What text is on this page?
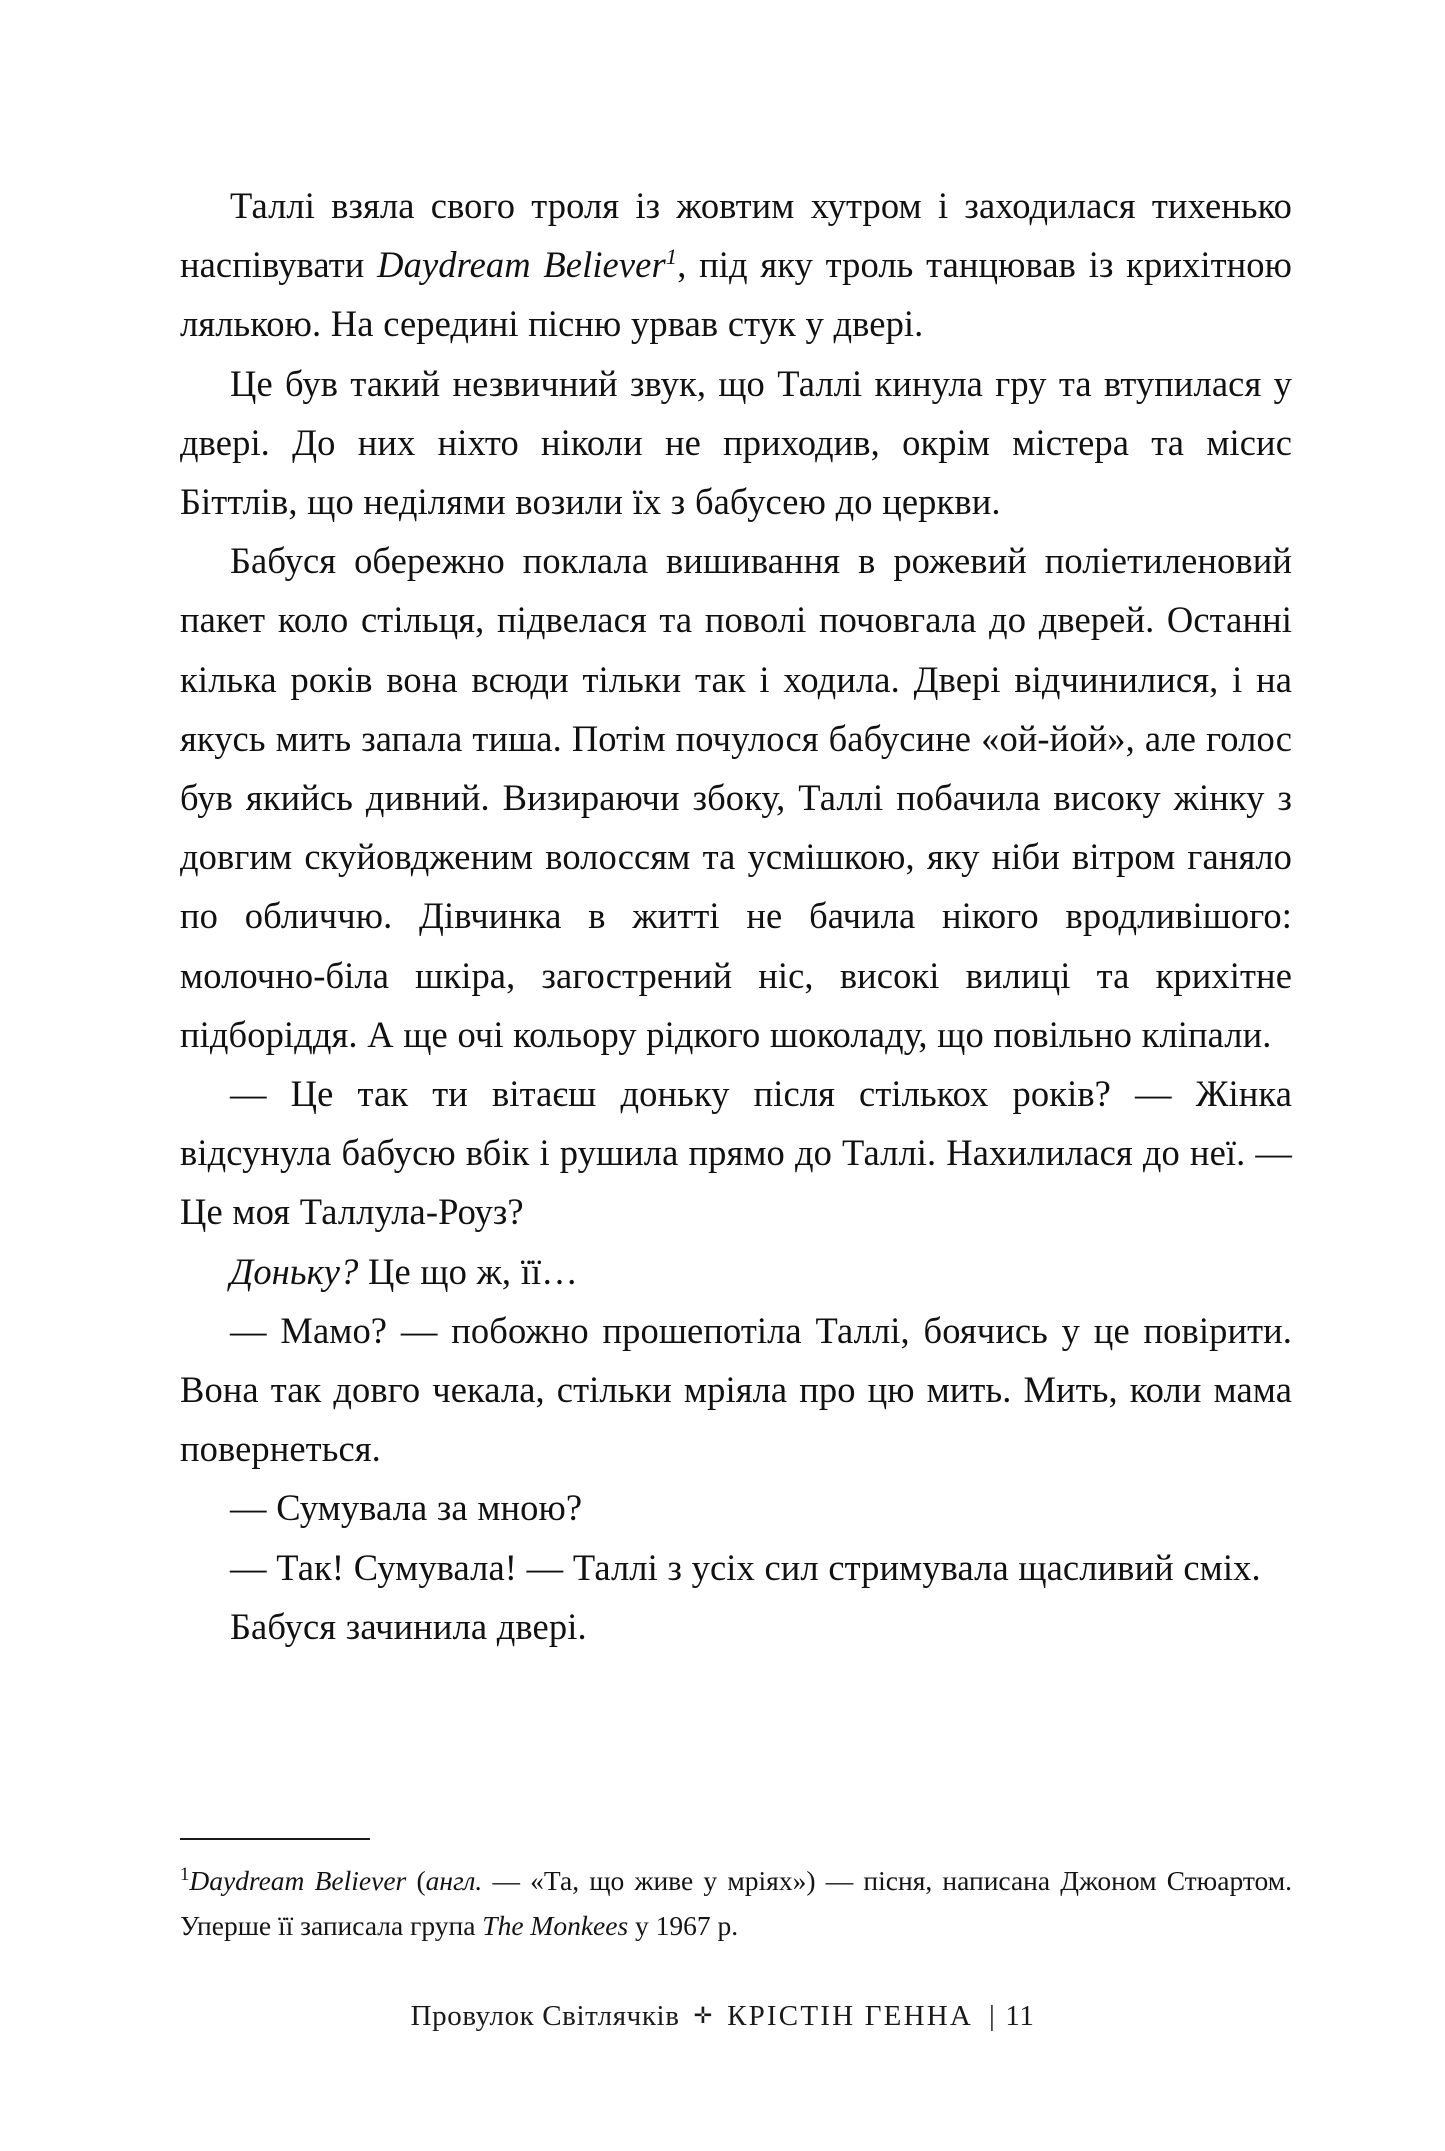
Таллі взяла свого троля із жовтим хутром і заходилася тихенько наспівувати Daydream Believer$^1$, під яку троль танцював із крихітною лялькою. На середині пісню урвав стук у двері.

Це був такий незвичний звук, що Таллі кинула гру та втупилася у двері. До них ніхто ніколи не приходив, окрім містера та місис Біттлів, що неділями возили їх з бабусею до церкви.

Бабуся обережно поклала вишивання в рожевий поліетиленовий пакет коло стільця, підвелася та поволі почовгала до дверей. Останні кілька років вона всюди тільки так і ходила. Двері відчинилися, і на якусь мить запала тиша. Потім почулося бабусине «ой-йой», але голос був якийсь дивний. Визираючи збоку, Таллі побачила високу жінку з довгим скуйовдженим волоссям та усмішкою, яку ніби вітром ганяло по обличчю. Дівчинка в житті не бачила нікого вродливішого: молочно-біла шкіра, загострений ніс, високі вилиці та крихітне підборіддя. А ще очі кольору рідкого шоколаду, що повільно кліпали.

— Це так ти вітаєш доньку після стількох років? — Жінка відсунула бабусю вбік і рушила прямо до Таллі. Нахилилася до неї. — Це моя Таллула-Роуз?

Доньку? Це що ж, її…

— Мамо? — побожно прошепотіла Таллі, боячись у це повірити. Вона так довго чекала, стільки мріяла про цю мить. Мить, коли мама повернеться.

— Сумувала за мною?

— Так! Сумувала! — Таллі з усіх сил стримувала щасливий сміх.

Бабуся зачинила двері.

$^1$Daydream Believer (англ. — «Та, що живе у мріях») — пісня, написана Джоном Стюартом. Уперше її записала група The Monkees у 1967 р.

Провулок Світлячків ✛ КРІСТІН ГЕННА | 11
